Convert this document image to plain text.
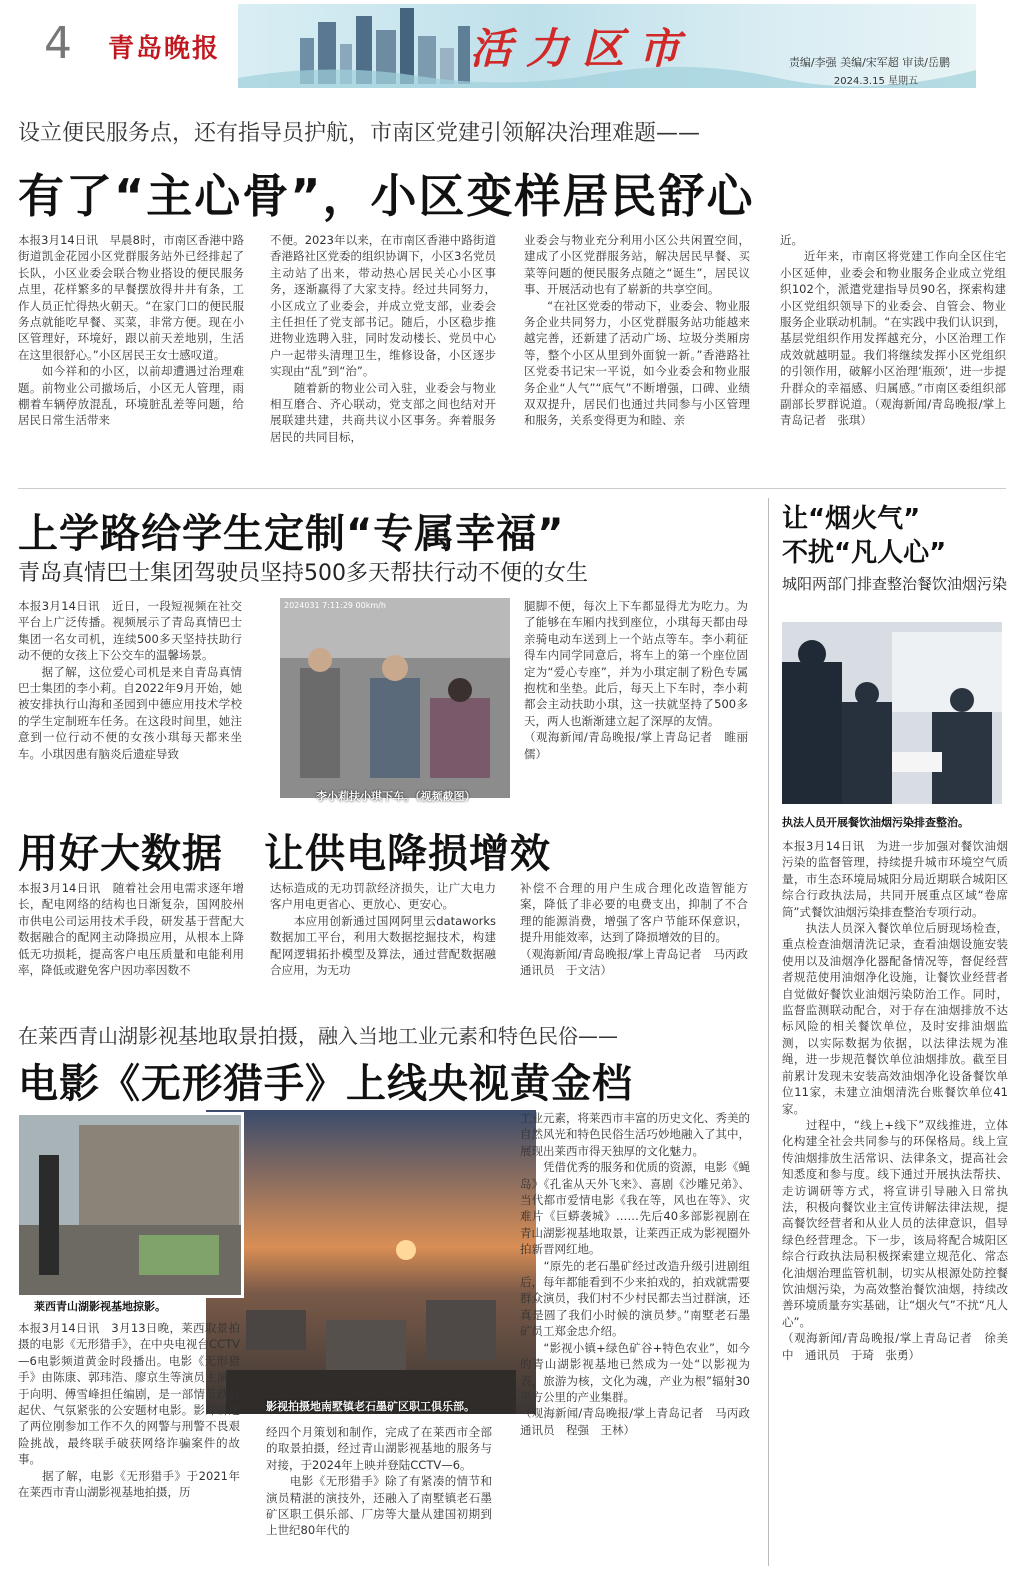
4 青岛晚报	活力区市	责编/李强 美编/宋军超 审读/岳鹏
2024.3.15 星期五
设立便民服务点，还有指导员护航，市南区党建引领解决治理难题——
有了“主心骨”，小区变样居民舒心
本报3月14日讯　早晨8时，市南区香港中路街道凯金花园小区党群服务站外已经排起了长队，小区业委会联合物业搭设的便民服务点里，花样繁多的早餐摆放得井井有条，工作人员正忙得热火朝天。“在家门口的便民服务点就能吃早餐、买菜，非常方便。现在小区管理好，环境好，跟以前天差地别，生活在这里很舒心。”小区居民王女士感叹道。
　　如今祥和的小区，以前却遭遇过治理难题。前物业公司撤场后，小区无人管理，雨棚着车辆停放混乱，环境脏乱差等问题，给居民日常生活带来
不便。2023年以来，在市南区香港中路街道香港路社区党委的组织协调下，小区3名党员主动站了出来，带动热心居民关心小区事务，逐渐赢得了大家支持。经过共同努力，小区成立了业委会，并成立党支部，业委会主任担任了党支部书记。随后，小区稳步推进物业选聘入驻，同时发动楼长、党员中心户一起带头清理卫生，维修设备，小区逐步实现由“乱”到“治”。
　　随着新的物业公司入驻，业委会与物业相互磨合、齐心联动，党支部之间也结对开展联建共建，共商共议小区事务。奔着服务居民的共同目标，
业委会与物业充分利用小区公共闲置空间，建成了小区党群服务站，解决居民早餐、买菜等问题的便民服务点随之“诞生”，居民议事、开展活动也有了崭新的共享空间。
　　“在社区党委的带动下，业委会、物业服务企业共同努力，小区党群服务站功能越来越完善，还新建了活动广场、垃圾分类厢房等，整个小区从里到外面貌一新。”香港路社区党委书记宋一平说，如今业委会和物业服务企业“人气”“底气”不断增强，口碑、业绩双双提升，居民们也通过共同参与小区管理和服务，关系变得更为和睦、亲
近。
　　近年来，市南区将党建工作向全区住宅小区延伸，业委会和物业服务企业成立党组织102个，派遣党建指导员90名，探索构建小区党组织领导下的业委会、自管会、物业服务企业联动机制。“在实践中我们认识到，基层党组织作用发挥越充分，小区治理工作成效就越明显。我们将继续发挥小区党组织的引领作用，破解小区治理‘瓶颈’，进一步提升群众的幸福感、归属感。”市南区委组织部副部长罗群说道。（观海新闻/青岛晚报/掌上青岛记者　张琪）
上学路给学生定制“专属幸福”
青岛真情巴士集团驾驶员坚持500多天帮扶行动不便的女生
本报3月14日讯　近日，一段短视频在社交平台上广泛传播。视频展示了青岛真情巴士集团一名女司机，连续500多天坚持扶助行动不便的女孩上下公交车的温馨场景。
　　据了解，这位爱心司机是来自青岛真情巴士集团的李小莉。自2022年9月开始，她被安排执行山海和圣园到中德应用技术学校的学生定制班车任务。在这段时间里，她注意到一位行动不便的女孩小琪每天都来坐车。小琪因患有脑炎后遗症导致
2024031 7:11:29 00km/h
李小莉扶小琪下车。（视频截图）
腿脚不便，每次上下车都显得尤为吃力。为了能够在车厢内找到座位，小琪每天都由母亲骑电动车送到上一个站点等车。李小莉征得车内同学同意后，将车上的第一个座位固定为“爱心专座”，并为小琪定制了粉色专属抱枕和坐垫。此后，每天上下车时，李小莉都会主动扶助小琪，这一扶就坚持了500多天，两人也渐渐建立起了深厚的友情。
（观海新闻/青岛晚报/掌上青岛记者　睢丽儒）
用好大数据　让供电降损增效
本报3月14日讯　随着社会用电需求逐年增长，配电网络的结构也日渐复杂，国网胶州市供电公司运用技术手段，研发基于营配大数据融合的配网主动降损应用，从根本上降低无功损耗，提高客户电压质量和电能利用率，降低或避免客户因功率因数不
达标造成的无功罚款经济损失，让广大电力客户用电更省心、更放心、更安心。
　　本应用创新通过国网阿里云dataworks数据加工平台，利用大数据挖掘技术，构建配网逻辑拓扑模型及算法，通过营配数据融合应用，为无功
补偿不合理的用户生成合理化改造智能方案，降低了非必要的电费支出，抑制了不合理的能源消费，增强了客户节能环保意识，提升用能效率，达到了降损增效的目的。
（观海新闻/青岛晚报/掌上青岛记者　马丙政　通讯员　于文洁）
让“烟火气”
不扰“凡人心”
城阳两部门排查整治餐饮油烟污染
执法人员开展餐饮油烟污染排查整治。
本报3月14日讯　为进一步加强对餐饮油烟污染的监督管理，持续提升城市环境空气质量，市生态环境局城阳分局近期联合城阳区综合行政执法局，共同开展重点区域“卷席筒”式餐饮油烟污染排查整治专项行动。
　　执法人员深入餐饮单位后厨现场检查，重点检查油烟清洗记录，查看油烟设施安装使用以及油烟净化器配备情况等，督促经营者规范使用油烟净化设施，让餐饮业经营者自觉做好餐饮业油烟污染防治工作。同时，监督监测联动配合，对于存在油烟排放不达标风险的相关餐饮单位，及时安排油烟监测，以实际数据为依据，以法律法规为准绳，进一步规范餐饮单位油烟排放。截至目前累计发现未安装高效油烟净化设备餐饮单位11家，未建立油烟清洗台账餐饮单位41家。
　　过程中，“线上+线下”双线推进，立体化构建全社会共同参与的环保格局。线上宣传油烟排放生活常识、法律条文，提高社会知悉度和参与度。线下通过开展执法帮扶、走访调研等方式，将宣讲引导融入日常执法，积极向餐饮业主宣传讲解法律法规，提高餐饮经营者和从业人员的法律意识，倡导绿色经营理念。下一步，该局将配合城阳区综合行政执法局积极探索建立规范化、常态化油烟治理监管机制，切实从根源处防控餐饮油烟污染，为高效整治餐饮油烟，持续改善环境质量夯实基础，让“烟火气”不扰“凡人心”。
（观海新闻/青岛晚报/掌上青岛记者　徐美中　通讯员　于琦　张勇）
在莱西青山湖影视基地取景拍摄，融入当地工业元素和特色民俗——
电影《无形猎手》上线央视黄金档
莱西青山湖影视基地掠影。
影视拍摄地南墅镇老石墨矿区职工俱乐部。
本报3月14日讯　3月13日晚，莱西取景拍摄的电影《无形猎手》，在中央电视台CCTV—6电影频道黄金时段播出。电影《无形猎手》由陈康、郭玮浩、廖京生等演员主演，于向明、傅雪峰担任编剧，是一部情节跌宕起伏、气氛紧张的公安题材电影。影片讲述了两位刚参加工作不久的网警与刑警不畏艰险挑战，最终联手破获网络诈骗案件的故事。
　　据了解，电影《无形猎手》于2021年在莱西市青山湖影视基地拍摄，历
经四个月策划和制作，完成了在莱西市全部的取景拍摄，经过青山湖影视基地的服务与对接，于2024年上映并登陆CCTV—6。
　　电影《无形猎手》除了有紧凑的情节和演员精湛的演技外，还融入了南墅镇老石墨矿区职工俱乐部、厂房等大量从建国初期到上世纪80年代的
工业元素，将莱西市丰富的历史文化、秀美的自然风光和特色民俗生活巧妙地融入了其中，展现出莱西市得天独厚的文化魅力。
　　凭借优秀的服务和优质的资源，电影《蝇岛》《孔雀从天外飞来》、喜剧《沙雕兄弟》、当代都市爱情电影《我在等，风也在等》、灾难片《巨蟒袭城》……先后40多部影视剧在青山湖影视基地取景，让莱西正成为影视圈外拍新晋网红地。
　　“原先的老石墨矿经过改造升级引进剧组后，每年都能看到不少来拍戏的，拍戏就需要群众演员，我们村不少村民都去当过群演，还真是圆了我们小时候的演员梦。”南墅老石墨矿员工郑金忠介绍。
　　“影视小镇+绿色矿谷+特色农业”，如今的青山湖影视基地已然成为一处“以影视为表，旅游为核，文化为魂，产业为根”辐射30平方公里的产业集群。
（观海新闻/青岛晚报/掌上青岛记者　马丙政　通讯员　程强　王林）
